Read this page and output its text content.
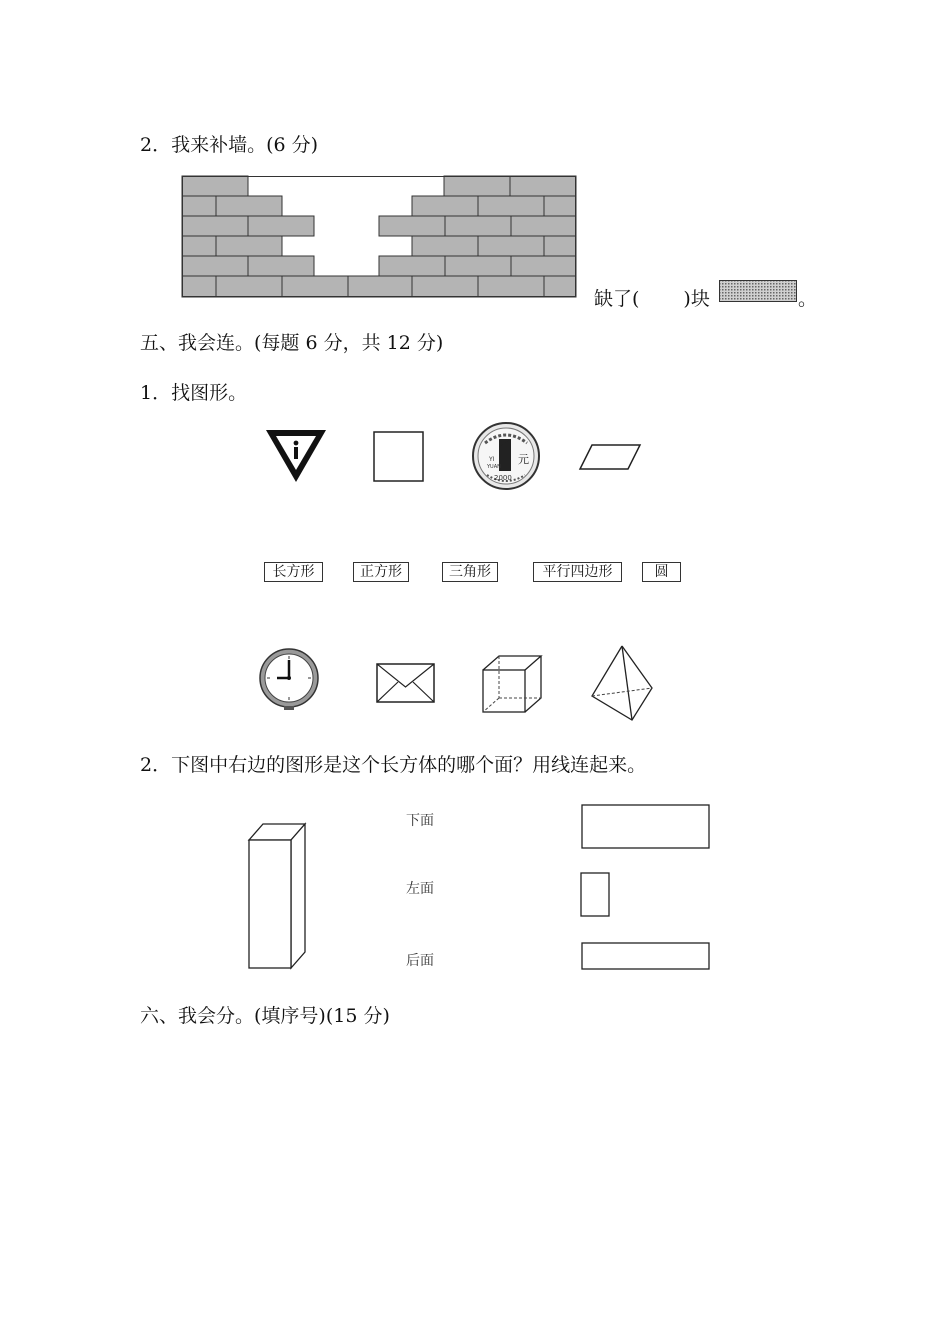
2．我来补墙。(6 分)
缺了( )块	。
五、我会连。(每题 6 分，共 12 分)
1．找图形。
YI
YUAN
元
2000
长方形	正方形	三角形	平行四边形	圆
2．下图中右边的图形是这个长方体的哪个面？用线连起来。
下面
左面
后面
六、我会分。(填序号)(15 分)
